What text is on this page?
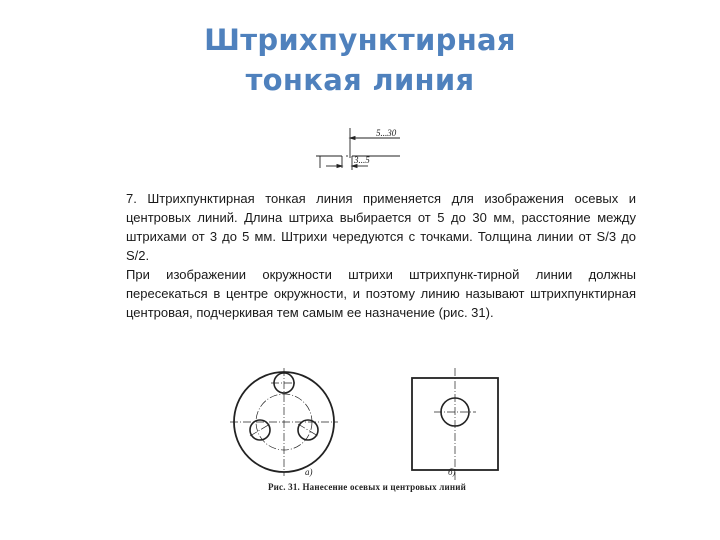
Штрихпунктирная
тонкая линия
5...30
3...5

7. Штрихпунктирная тонкая линия применяется для изображения осевых и центровых линий. Длина штриха выбирается от 5 до 30 мм, расстояние между штрихами от 3 до 5 мм. Штрихи чередуются с точками. Толщина линии от S/3 до S/2.

При изображении окружности штрихи штрихпунк-тирной линии должны пересекаться в центре окружности, и поэтому линию называют штрихпунктирная центровая, подчеркивая тем самым ее назначение (рис. 31).

а)	б)
Рис. 31. Нанесение осевых и центровых линий
